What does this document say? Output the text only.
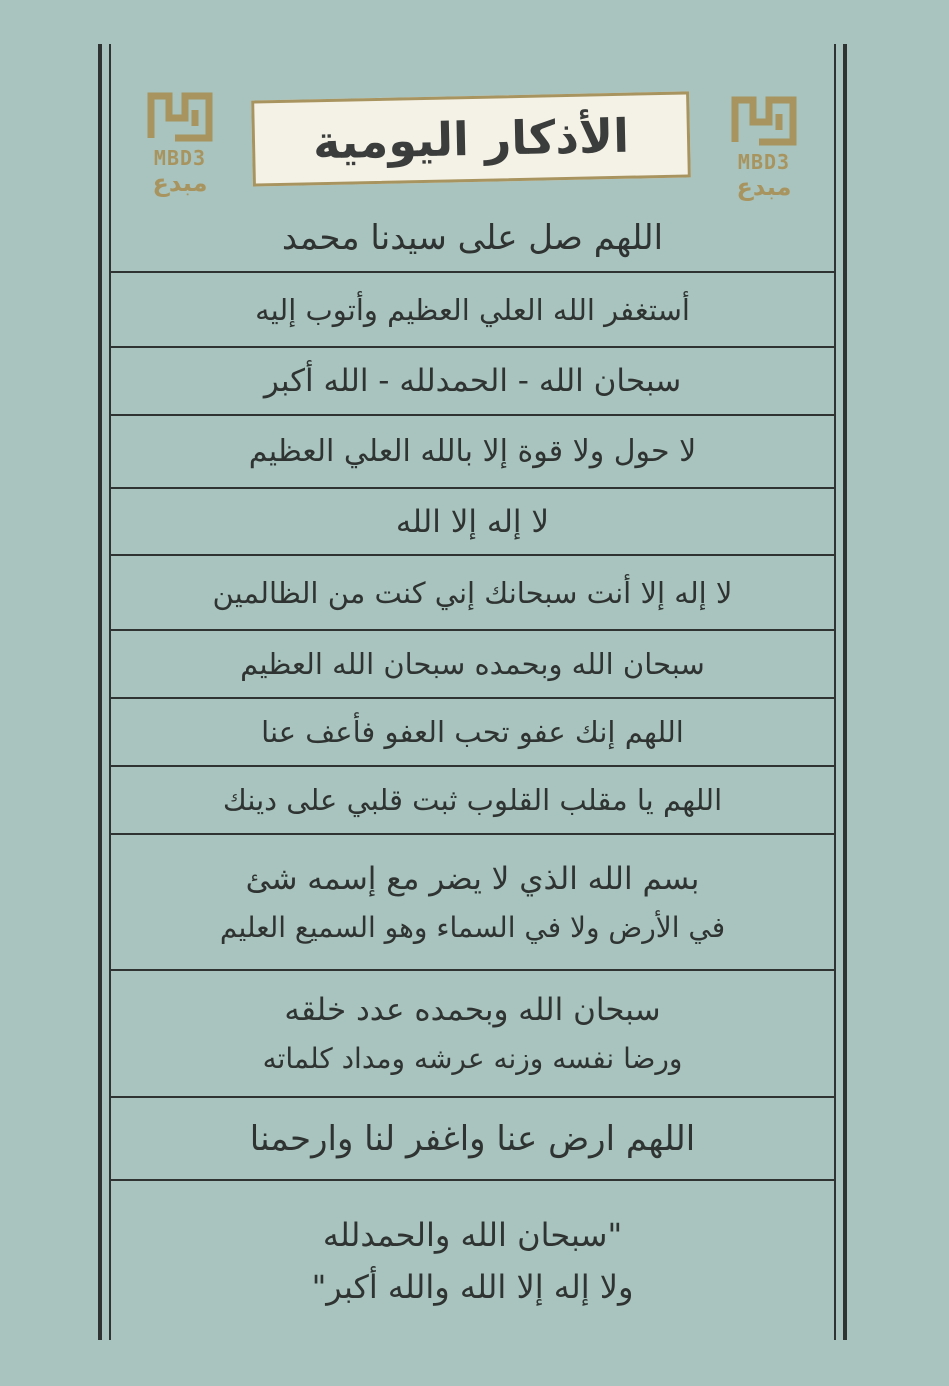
MBD3
مبدع
MBD3
مبدع
الأذكار اليومية
اللهم صل على سيدنا محمد
أستغفر الله العلي العظيم وأتوب إليه
سبحان الله - الحمدلله - الله أكبر
لا حول ولا قوة إلا بالله العلي العظيم
لا إله إلا الله
لا إله إلا أنت سبحانك إني كنت من الظالمين
سبحان الله وبحمده سبحان الله العظيم
اللهم إنك عفو تحب العفو فأعف عنا
اللهم يا مقلب القلوب ثبت قلبي على دينك
بسم الله الذي لا يضر مع إسمه شئ
في الأرض ولا في السماء وهو السميع العليم
سبحان الله وبحمده عدد خلقه
ورضا نفسه وزنه عرشه ومداد كلماته
اللهم ارض عنا واغفر لنا وارحمنا
"سبحان الله والحمدلله
ولا إله إلا الله والله أكبر"
